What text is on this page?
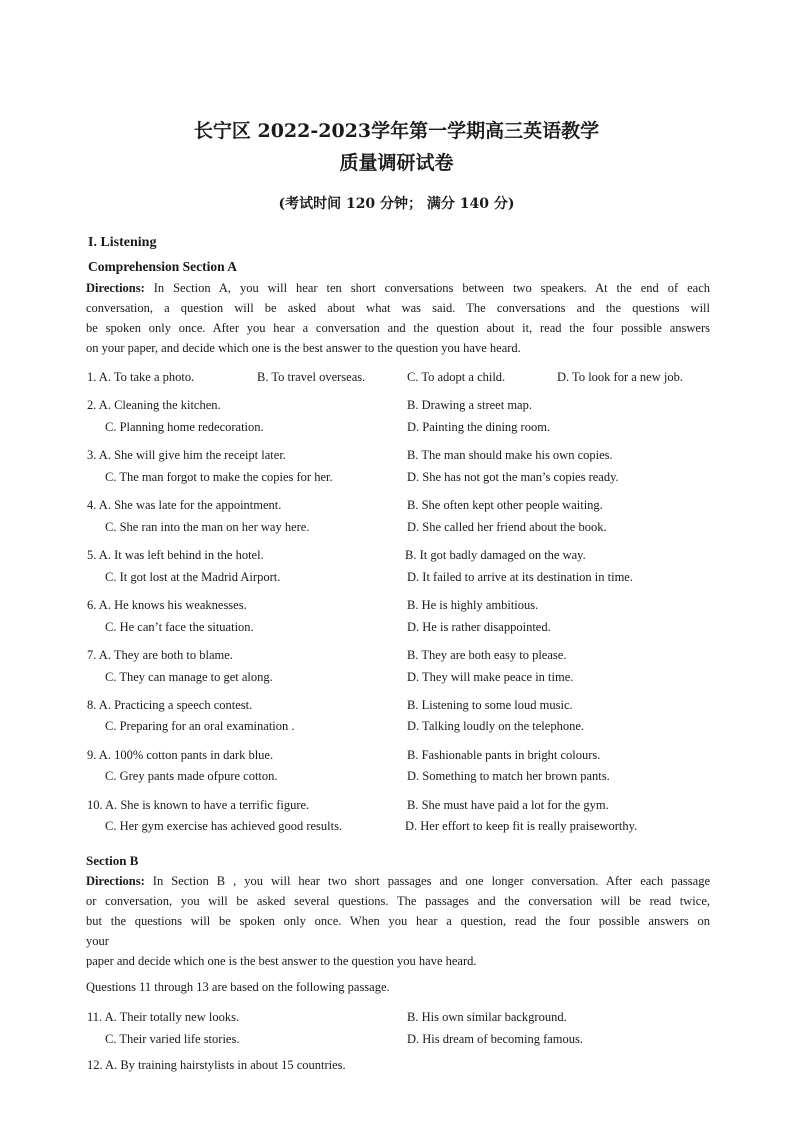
长宁区 2022-2023学年第一学期高三英语教学
质量调研试卷
(考试时间 120 分钟； 满分 140 分)
I. Listening
Comprehension Section A
Directions: In Section A, you will hear ten short conversations between two speakers. At the end of each
conversation, a question will be asked about what was said. The conversations and the questions will
be spoken only once. After you hear a conversation and the question about it, read the four possible answers
on your paper, and decide which one is the best answer to the question you have heard.
1. A. To take a photo.	B. To travel overseas.	C. To adopt a child.	D. To look for a new job.
2. A. Cleaning the kitchen.	B. Drawing a street map.
C. Planning home redecoration.	D. Painting the dining room.
3. A. She will give him the receipt later.	B. The man should make his own copies.
C. The man forgot to make the copies for her.	D. She has not got the man’s copies ready.
4. A. She was late for the appointment.	B. She often kept other people waiting.
C. She ran into the man on her way here.	D. She called her friend about the book.
5. A. It was left behind in the hotel.	B. It got badly damaged on the way.
C. It got lost at the Madrid Airport.	D. It failed to arrive at its destination in time.
6. A. He knows his weaknesses.	B. He is highly ambitious.
C. He can’t face the situation.	D. He is rather disappointed.
7. A. They are both to blame.	B. They are both easy to please.
C. They can manage to get along.	D. They will make peace in time.
8. A. Practicing a speech contest.	B. Listening to some loud music.
C. Preparing for an oral examination .	D. Talking loudly on the telephone.
9. A. 100% cotton pants in dark blue.	B. Fashionable pants in bright colours.
C. Grey pants made ofpure cotton.	D. Something to match her brown pants.
10. A. She is known to have a terrific figure.	B. She must have paid a lot for the gym.
C. Her gym exercise has achieved good results.	D. Her effort to keep fit is really praiseworthy.
Section B
Directions: In Section B , you will hear two short passages and one longer conversation. After each passage
or conversation, you will be asked several questions. The passages and the conversation will be read twice,
but the questions will be spoken only once. When you hear a question, read the four possible answers on
your
paper and decide which one is the best answer to the question you have heard.
Questions 11 through 13 are based on the following passage.
11. A. Their totally new looks.	B. His own similar background.
C. Their varied life stories.	D. His dream of becoming famous.
12. A. By training hairstylists in about 15 countries.
